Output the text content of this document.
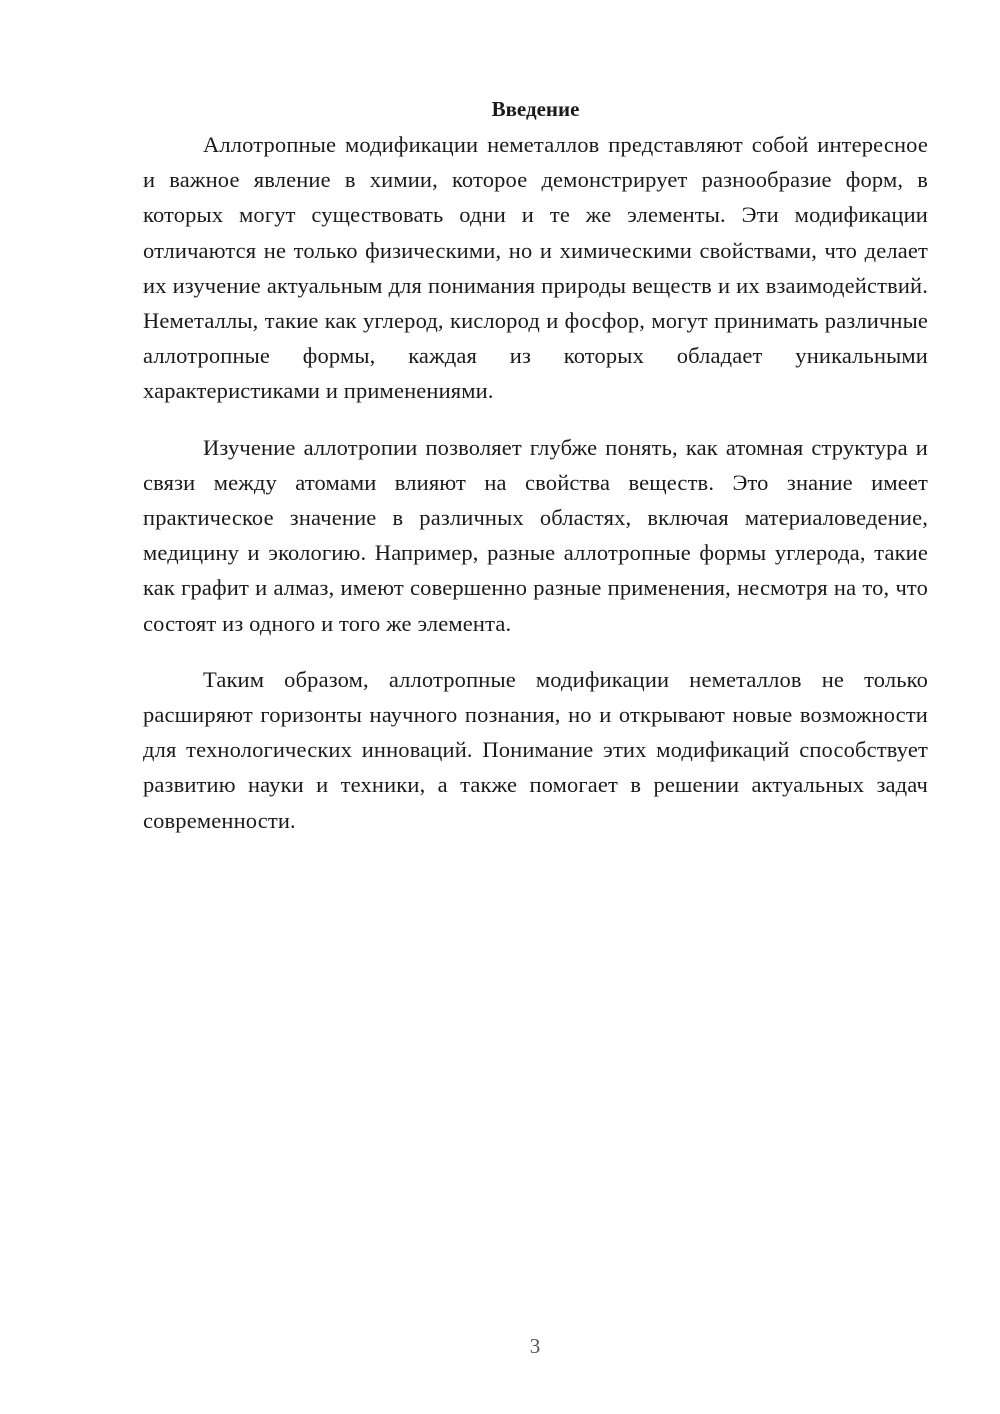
Введение

Аллотропные модификации неметаллов представляют собой интересное и важное явление в химии, которое демонстрирует разнообразие форм, в которых могут существовать одни и те же элементы. Эти модификации отличаются не только физическими, но и химическими свойствами, что делает их изучение актуальным для понимания природы веществ и их взаимодействий. Неметаллы, такие как углерод, кислород и фосфор, могут принимать различные аллотропные формы, каждая из которых обладает уникальными характеристиками и применениями.

Изучение аллотропии позволяет глубже понять, как атомная структура и связи между атомами влияют на свойства веществ. Это знание имеет практическое значение в различных областях, включая материаловедение, медицину и экологию. Например, разные аллотропные формы углерода, такие как графит и алмаз, имеют совершенно разные применения, несмотря на то, что состоят из одного и того же элемента.

Таким образом, аллотропные модификации неметаллов не только расширяют горизонты научного познания, но и открывают новые возможности для технологических инноваций. Понимание этих модификаций способствует развитию науки и техники, а также помогает в решении актуальных задач современности.

3
